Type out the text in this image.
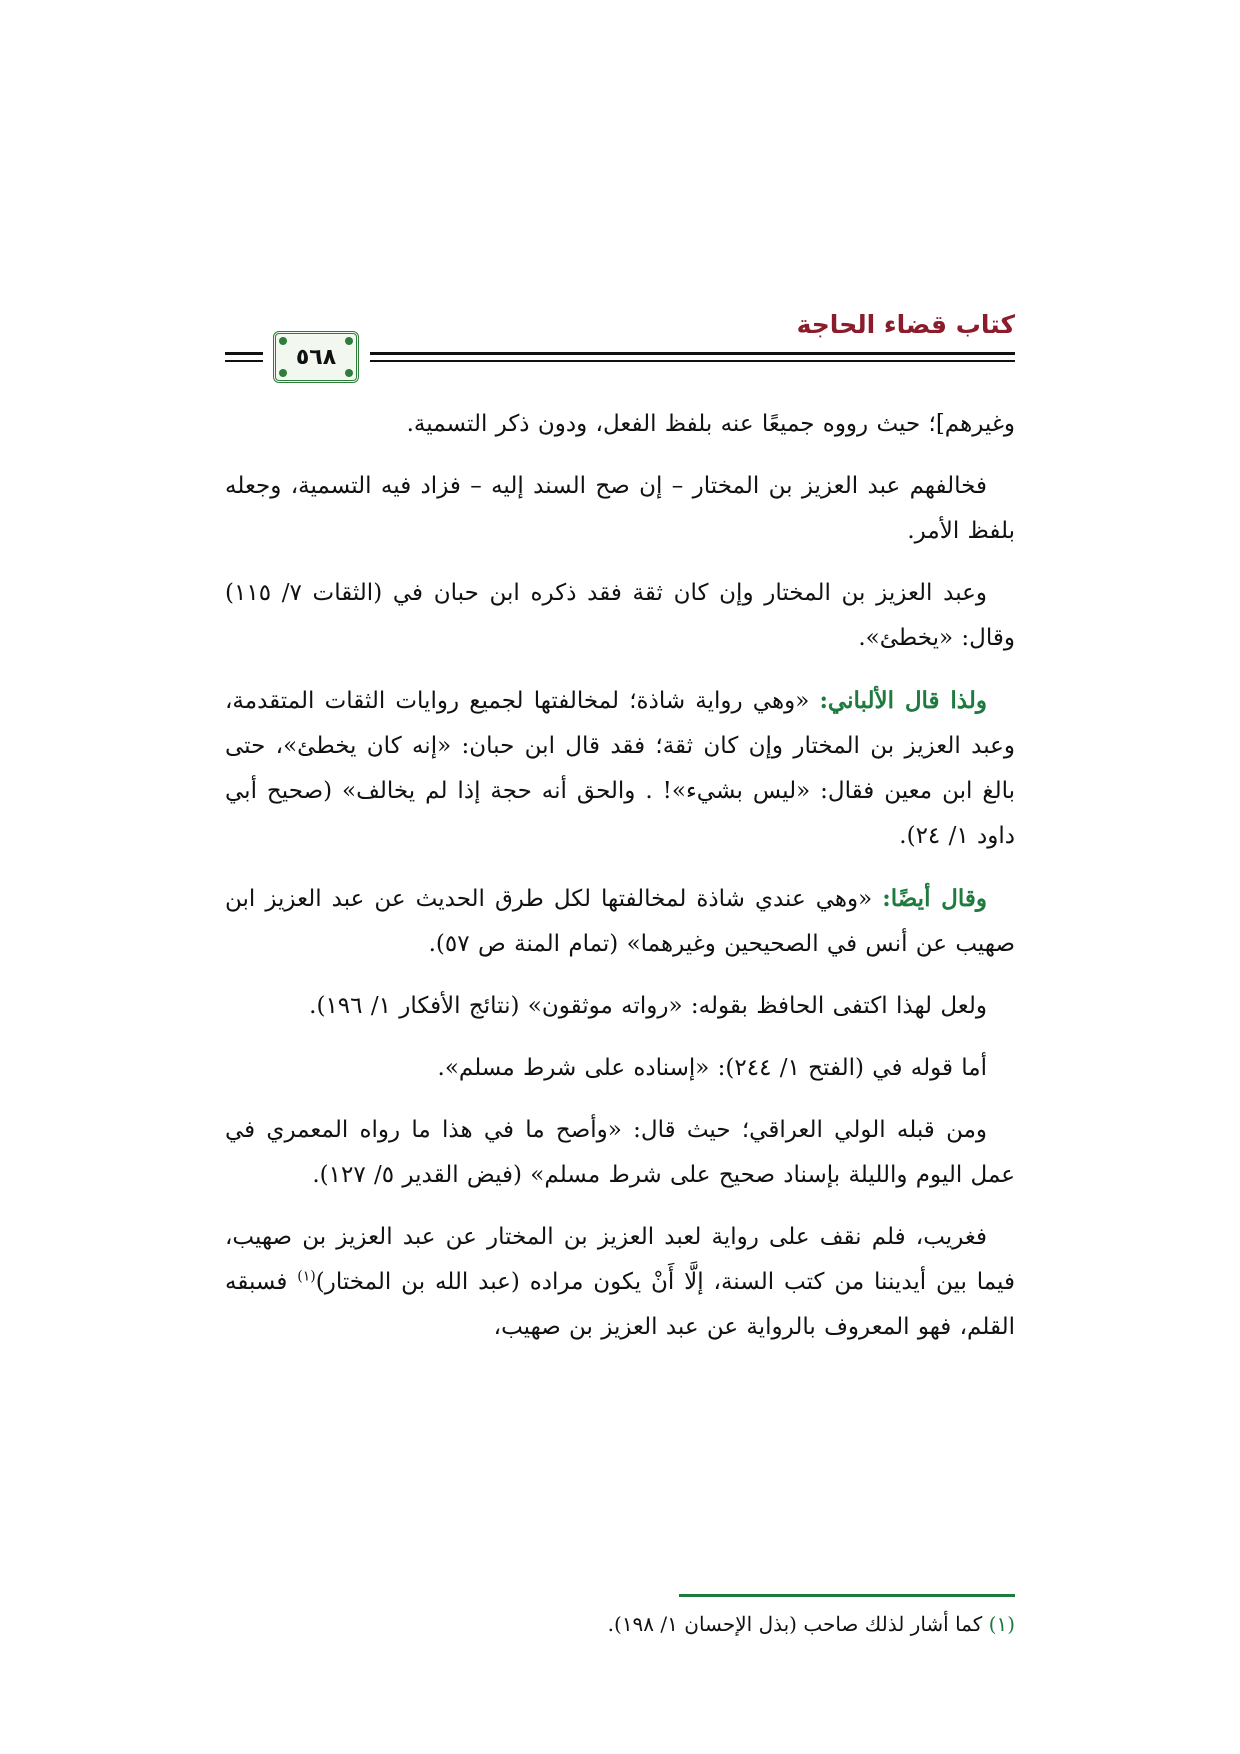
كتاب قضاء الحاجة
٥٦٨

وغيرهم]؛ حيث رووه جميعًا عنه بلفظ الفعل، ودون ذكر التسمية.

فخالفهم عبد العزيز بن المختار – إن صح السند إليه – فزاد فيه التسمية، وجعله بلفظ الأمر.

وعبد العزيز بن المختار وإن كان ثقة فقد ذكره ابن حبان في (الثقات ٧/ ١١٥) وقال: «يخطئ».

ولذا قال الألباني: «وهي رواية شاذة؛ لمخالفتها لجميع روايات الثقات المتقدمة، وعبد العزيز بن المختار وإن كان ثقة؛ فقد قال ابن حبان: «إنه كان يخطئ»، حتى بالغ ابن معين فقال: «ليس بشيء»! . والحق أنه حجة إذا لم يخالف» (صحيح أبي داود ١/ ٢٤).

وقال أيضًا: «وهي عندي شاذة لمخالفتها لكل طرق الحديث عن عبد العزيز ابن صهيب عن أنس في الصحيحين وغيرهما» (تمام المنة ص ٥٧).

ولعل لهذا اكتفى الحافظ بقوله: «رواته موثقون» (نتائج الأفكار ١/ ١٩٦).

أما قوله في (الفتح ١/ ٢٤٤): «إسناده على شرط مسلم».

ومن قبله الولي العراقي؛ حيث قال: «وأصح ما في هذا ما رواه المعمري في عمل اليوم والليلة بإسناد صحيح على شرط مسلم» (فيض القدير ٥/ ١٢٧).

فغريب، فلم نقف على رواية لعبد العزيز بن المختار عن عبد العزيز بن صهيب، فيما بين أيديننا من كتب السنة، إلَّا أَنْ يكون مراده (عبد الله بن المختار)$^{(١)}$ فسبقه القلم، فهو المعروف بالرواية عن عبد العزيز بن صهيب،

(١) كما أشار لذلك صاحب (بذل الإحسان ١/ ١٩٨).
